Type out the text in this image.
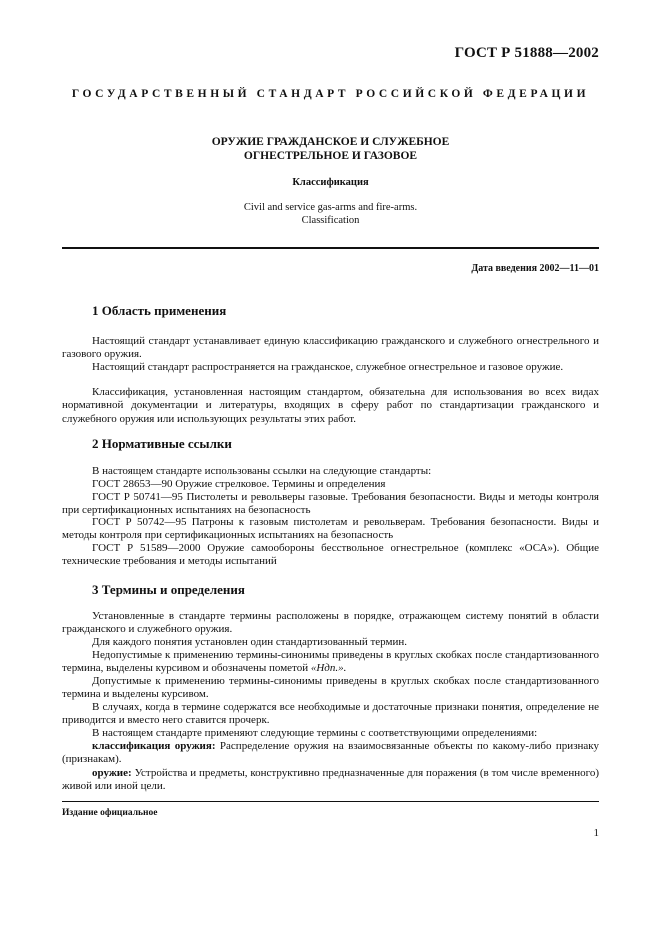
ГОСТ Р 51888—2002
ГОСУДАРСТВЕННЫЙ СТАНДАРТ РОССИЙСКОЙ ФЕДЕРАЦИИ
ОРУЖИЕ ГРАЖДАНСКОЕ И СЛУЖЕБНОЕ
ОГНЕСТРЕЛЬНОЕ И ГАЗОВОЕ
Классификация
Civil and service gas-arms and fire-arms.
Classification
Дата введения 2002—11—01
1 Область применения
Настоящий стандарт устанавливает единую классификацию гражданского и служебного огнестрельного и газового оружия.
Настоящий стандарт распространяется на гражданское, служебное огнестрельное и газовое оружие.
Классификация, установленная настоящим стандартом, обязательна для использования во всех видах нормативной документации и литературы, входящих в сферу работ по стандартизации гражданского и служебного оружия или использующих результаты этих работ.
2 Нормативные ссылки
В настоящем стандарте использованы ссылки на следующие стандарты:
ГОСТ 28653—90 Оружие стрелковое. Термины и определения
ГОСТ Р 50741—95 Пистолеты и револьверы газовые. Требования безопасности. Виды и методы контроля при сертификационных испытаниях на безопасность
ГОСТ Р 50742—95 Патроны к газовым пистолетам и револьверам. Требования безопасности. Виды и методы контроля при сертификационных испытаниях на безопасность
ГОСТ Р 51589—2000 Оружие самообороны бесствольное огнестрельное (комплекс «ОСА»). Общие технические требования и методы испытаний
3 Термины и определения
Установленные в стандарте термины расположены в порядке, отражающем систему понятий в области гражданского и служебного оружия.
Для каждого понятия установлен один стандартизованный термин.
Недопустимые к применению термины-синонимы приведены в круглых скобках после стандартизованного термина, выделены курсивом и обозначены пометой «Ндп.».
Допустимые к применению термины-синонимы приведены в круглых скобках после стандартизованного термина и выделены курсивом.
В случаях, когда в термине содержатся все необходимые и достаточные признаки понятия, определение не приводится и вместо него ставится прочерк.
В настоящем стандарте применяют следующие термины с соответствующими определениями:
классификация оружия: Распределение оружия на взаимосвязанные объекты по какому-либо признаку (признакам).
оружие: Устройства и предметы, конструктивно предназначенные для поражения (в том числе временного) живой или иной цели.
Издание официальное
1
